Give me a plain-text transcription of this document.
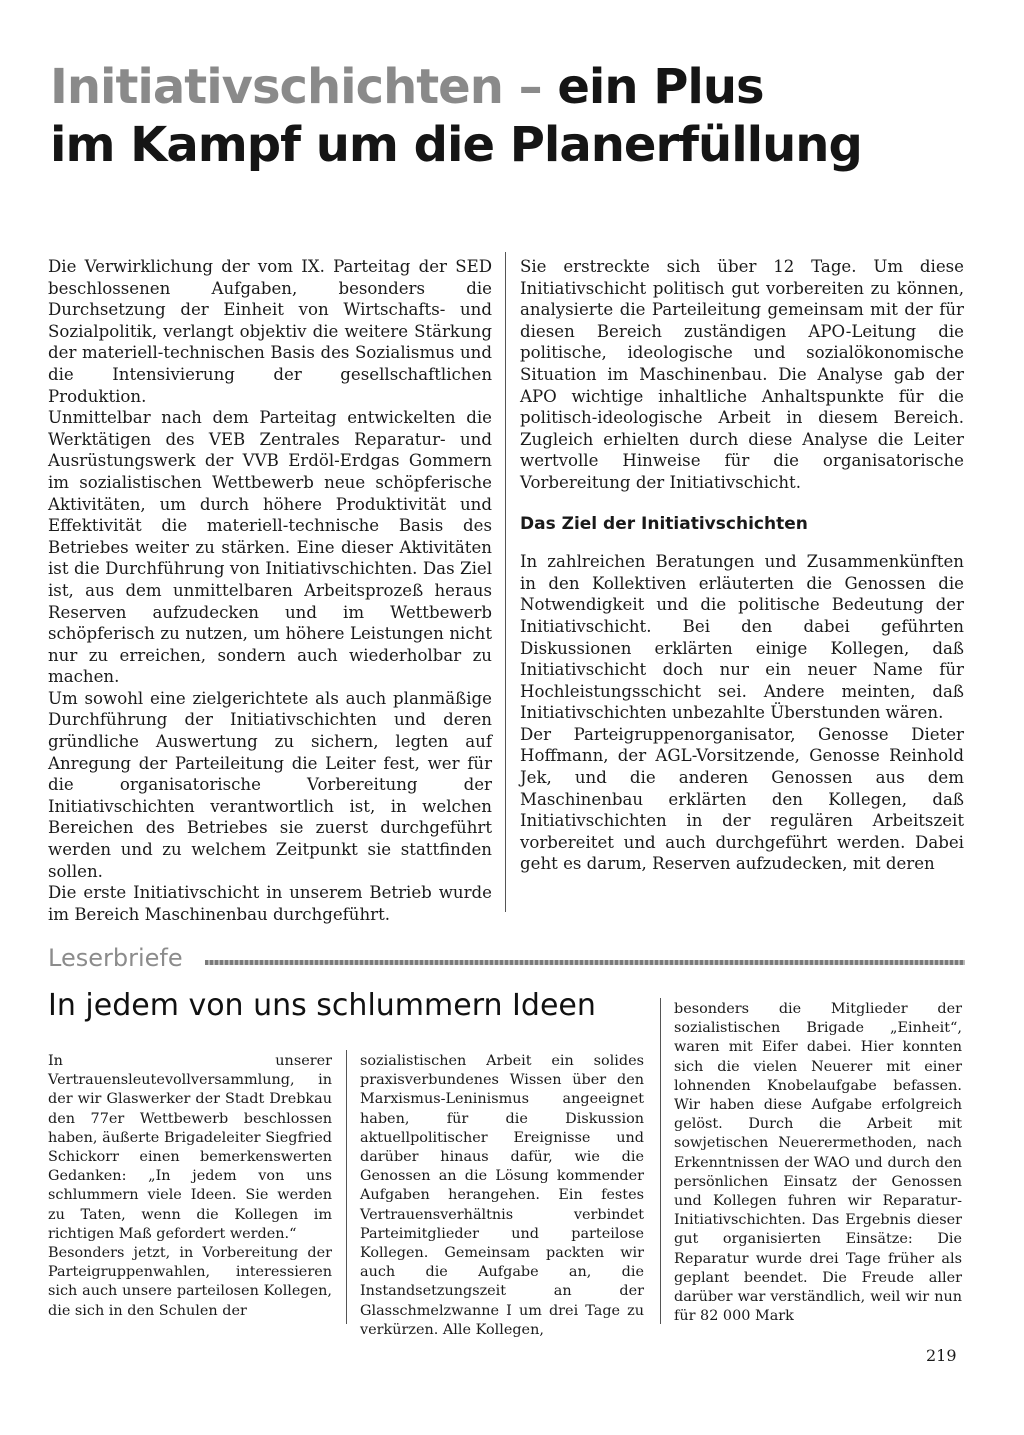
Initiativschichten – ein Plus
im Kampf um die Planerfüllung

Die Verwirklichung der vom IX. Parteitag der SED beschlossenen Aufgaben, besonders die Durchsetzung der Einheit von Wirtschafts- und Sozialpolitik, verlangt objektiv die weitere Stärkung der materiell-technischen Basis des Sozialismus und die Intensivierung der gesellschaftlichen Produktion.

Unmittelbar nach dem Parteitag entwickelten die Werktätigen des VEB Zentrales Reparatur- und Ausrüstungswerk der VVB Erdöl-Erdgas Gommern im sozialistischen Wettbewerb neue schöpferische Aktivitäten, um durch höhere Produktivität und Effektivität die materiell-technische Basis des Betriebes weiter zu stärken. Eine dieser Aktivitäten ist die Durchführung von Initiativschichten. Das Ziel ist, aus dem unmittelbaren Arbeitsprozeß heraus Reserven aufzudecken und im Wettbewerb schöpferisch zu nutzen, um höhere Leistungen nicht nur zu erreichen, sondern auch wiederholbar zu machen.

Um sowohl eine zielgerichtete als auch planmäßige Durchführung der Initiativschichten und deren gründliche Auswertung zu sichern, legten auf Anregung der Parteileitung die Leiter fest, wer für die organisatorische Vorbereitung der Initiativschichten verantwortlich ist, in welchen Bereichen des Betriebes sie zuerst durchgeführt werden und zu welchem Zeitpunkt sie stattfinden sollen.

Die erste Initiativschicht in unserem Betrieb wurde im Bereich Maschinenbau durchgeführt.

Sie erstreckte sich über 12 Tage. Um diese Initiativschicht politisch gut vorbereiten zu können, analysierte die Parteileitung gemeinsam mit der für diesen Bereich zuständigen APO-Leitung die politische, ideologische und sozialökonomische Situation im Maschinenbau. Die Analyse gab der APO wichtige inhaltliche Anhaltspunkte für die politisch-ideologische Arbeit in diesem Bereich. Zugleich erhielten durch diese Analyse die Leiter wertvolle Hinweise für die organisatorische Vorbereitung der Initiativschicht.

Das Ziel der Initiativschichten

In zahlreichen Beratungen und Zusammenkünften in den Kollektiven erläuterten die Genossen die Notwendigkeit und die politische Bedeutung der Initiativschicht. Bei den dabei geführten Diskussionen erklärten einige Kollegen, daß Initiativschicht doch nur ein neuer Name für Hochleistungsschicht sei. Andere meinten, daß Initiativschichten unbezahlte Überstunden wären.

Der Parteigruppenorganisator, Genosse Dieter Hoffmann, der AGL-Vorsitzende, Genosse Reinhold Jek, und die anderen Genossen aus dem Maschinenbau erklärten den Kollegen, daß Initiativschichten in der regulären Arbeitszeit vorbereitet und auch durchgeführt werden. Dabei geht es darum, Reserven aufzudecken, mit deren

Leserbriefe
In jedem von uns schlummern Ideen

In unserer Vertrauensleutevollversammlung, in der wir Glaswerker der Stadt Drebkau den 77er Wettbewerb beschlossen haben, äußerte Brigadeleiter Siegfried Schickorr einen bemerkenswerten Gedanken: „In jedem von uns schlummern viele Ideen. Sie werden zu Taten, wenn die Kollegen im richtigen Maß gefordert werden.“

Besonders jetzt, in Vorbereitung der Parteigruppenwahlen, interessieren sich auch unsere parteilosen Kollegen, die sich in den Schulen der

sozialistischen Arbeit ein solides praxisverbundenes Wissen über den Marxismus-Leninismus angeeignet haben, für die Diskussion aktuellpolitischer Ereignisse und darüber hinaus dafür, wie die Genossen an die Lösung kommender Aufgaben herangehen. Ein festes Vertrauensverhältnis verbindet Parteimitglieder und parteilose Kollegen. Gemeinsam packten wir auch die Aufgabe an, die Instandsetzungszeit an der Glasschmelzwanne I um drei Tage zu verkürzen. Alle Kollegen,

besonders die Mitglieder der sozialistischen Brigade „Einheit“, waren mit Eifer dabei. Hier konnten sich die vielen Neuerer mit einer lohnenden Knobelaufgabe befassen. Wir haben diese Aufgabe erfolgreich gelöst. Durch die Arbeit mit sowjetischen Neuerermethoden, nach Erkenntnissen der WAO und durch den persönlichen Einsatz der Genossen und Kollegen fuhren wir Reparatur-Initiativschichten. Das Ergebnis dieser gut organisierten Einsätze: Die Reparatur wurde drei Tage früher als geplant beendet. Die Freude aller darüber war verständlich, weil wir nun für 82 000 Mark

219
